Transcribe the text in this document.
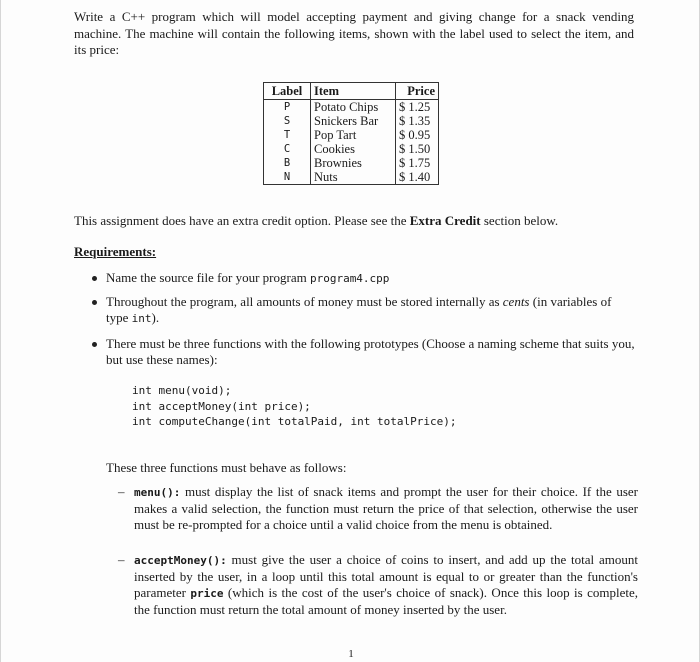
Write a C++ program which will model accepting payment and giving change for a snack vending machine. The machine will contain the following items, shown with the label used to select the item, and its price:
Label	Item	Price
P	Potato Chips	$ 1.25
S	Snickers Bar	$ 1.35
T	Pop Tart	$ 0.95
C	Cookies	$ 1.50
B	Brownies	$ 1.75
N	Nuts	$ 1.40
This assignment does have an extra credit option. Please see the Extra Credit section below.
Requirements:
Name the source file for your program program4.cpp
Throughout the program, all amounts of money must be stored internally as cents (in variables of type int).
There must be three functions with the following prototypes (Choose a naming scheme that suits you, but use these names):
int menu(void);
int acceptMoney(int price);
int computeChange(int totalPaid, int totalPrice);
These three functions must behave as follows:
– menu(): must display the list of snack items and prompt the user for their choice. If the user makes a valid selection, the function must return the price of that selection, otherwise the user must be re-prompted for a choice until a valid choice from the menu is obtained.
– acceptMoney(): must give the user a choice of coins to insert, and add up the total amount inserted by the user, in a loop until this total amount is equal to or greater than the function's parameter price (which is the cost of the user's choice of snack). Once this loop is complete, the function must return the total amount of money inserted by the user.
1
